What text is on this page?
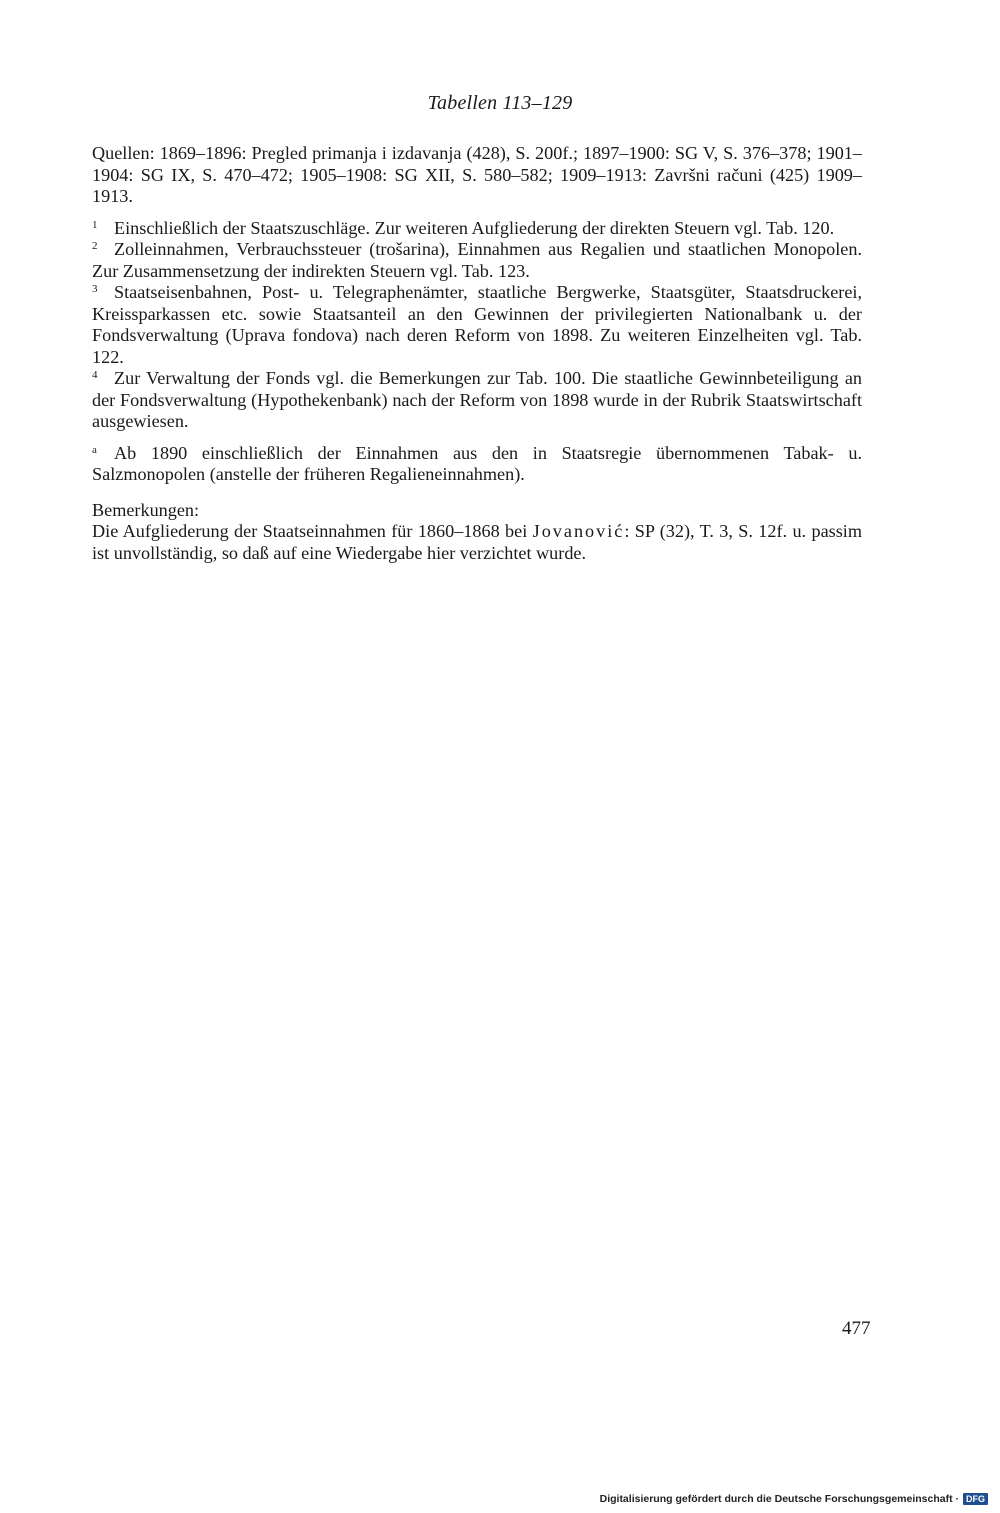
Tabellen 113–129

Quellen: 1869–1896: Pregled primanja i izdavanja (428), S. 200f.; 1897–1900: SG V, S. 376–378; 1901–1904: SG IX, S. 470–472; 1905–1908: SG XII, S. 580–582; 1909–1913: Završni računi (425) 1909–1913.

1 Einschließlich der Staatszuschläge. Zur weiteren Aufgliederung der direkten Steuern vgl. Tab. 120.

2 Zolleinnahmen, Verbrauchssteuer (trošarina), Einnahmen aus Regalien und staatlichen Monopolen. Zur Zusammensetzung der indirekten Steuern vgl. Tab. 123.

3 Staatseisenbahnen, Post- u. Telegraphenämter, staatliche Bergwerke, Staatsgüter, Staatsdruckerei, Kreissparkassen etc. sowie Staatsanteil an den Gewinnen der privilegierten Nationalbank u. der Fondsverwaltung (Uprava fondova) nach deren Reform von 1898. Zu weiteren Einzelheiten vgl. Tab. 122.

4 Zur Verwaltung der Fonds vgl. die Bemerkungen zur Tab. 100. Die staatliche Gewinnbeteiligung an der Fondsverwaltung (Hypothekenbank) nach der Reform von 1898 wurde in der Rubrik Staatswirtschaft ausgewiesen.

a Ab 1890 einschließlich der Einnahmen aus den in Staatsregie übernommenen Tabak- u. Salzmonopolen (anstelle der früheren Regalieneinnahmen).

Bemerkungen:

Die Aufgliederung der Staatseinnahmen für 1860–1868 bei Jovanović: SP (32), T. 3, S. 12f. u. passim ist unvollständig, so daß auf eine Wiedergabe hier verzichtet wurde.

477
Digitalisierung gefördert durch die Deutsche Forschungsgemeinschaft · DFG
